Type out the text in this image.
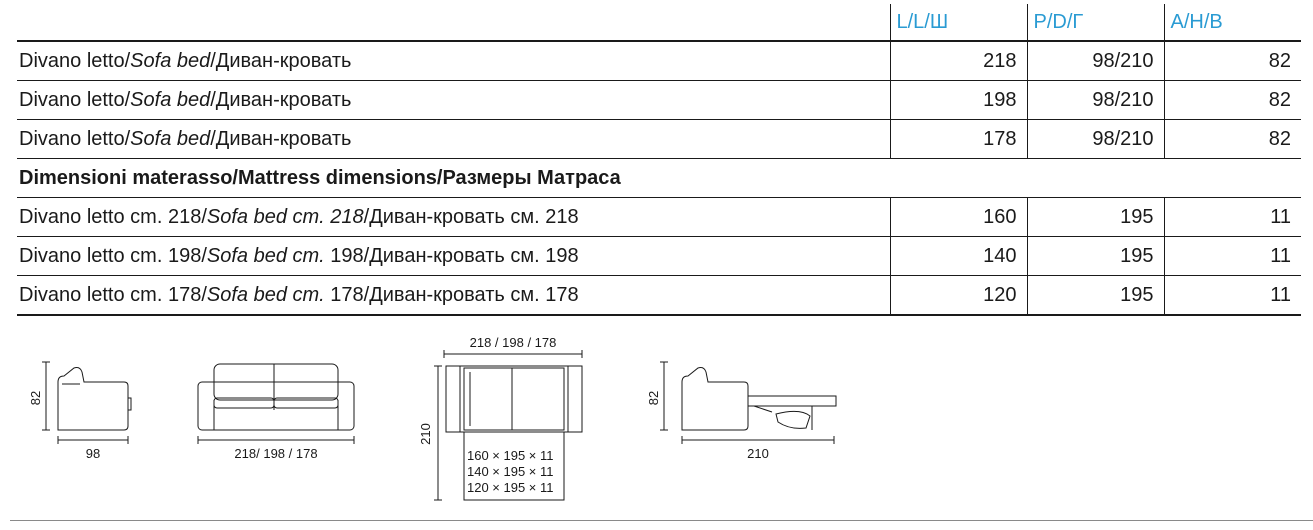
	L/L/Ш	P/D/Г	A/H/B
Divano letto/Sofa bed/Диван-кровать	218	98/210	82
Divano letto/Sofa bed/Диван-кровать	198	98/210	82
Divano letto/Sofa bed/Диван-кровать	178	98/210	82
Dimensioni materasso/Mattress dimensions/Размеры Матраса			
Divano letto cm. 218/Sofa bed cm. 218/Диван-кровать см. 218	160	195	11
Divano letto cm. 198/Sofa bed cm. 198/Диван-кровать см. 198	140	195	11
Divano letto cm. 178/Sofa bed cm. 178/Диван-кровать см. 178	120	195	11
82
98	218/ 198 / 178
218 / 198 / 178
210
160 × 195 × 11
140 × 195 × 11
120 × 195 × 11
82
210
